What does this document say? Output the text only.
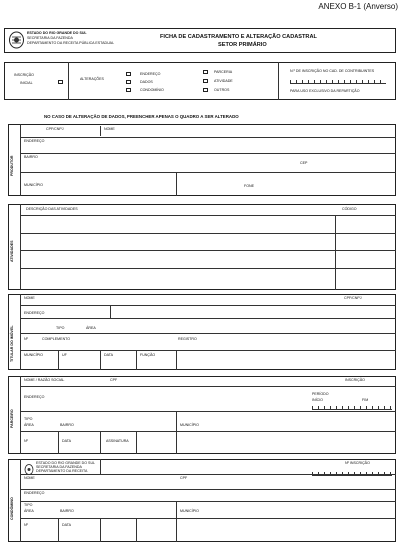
ANEXO B-1 (Anverso)
ESTADO DO RIO GRANDE DO SUL
SECRETARIA DA FAZENDA
DEPARTAMENTO DA RECEITA PÚBLICA ESTADUAL
FICHA DE CADASTRAMENTO E ALTERAÇÃO CADASTRAL
SETOR PRIMÁRIO
INSCRIÇÃO
INICIAL
ALTERAÇÕES
ENDEREÇO
DADOS
CONDOMÍNIO
PARCERIA
ATIVIDADE
OUTROS
N.º DE INSCRIÇÃO NO CAD. DE CONTRIBUINTES
PARA USO EXCLUSIVO DA REPARTIÇÃO
NO CASO DE ALTERAÇÃO DE DADOS, PREENCHER APENAS O QUADRO A SER ALTERADO
PRODUTOR
CPF/CNPJ	NOME
ENDEREÇO
BAIRRO
CEP
MUNICÍPIO	FONE
ATIVIDADES
DESCRIÇÃO DAS ATIVIDADES	CÓDIGO
TITULAR DO IMÓVEL
NOME	CPF/CNPJ
ENDEREÇO
TIPO	ÁREA
Nº	COMPLEMENTO	REGISTRO
MUNICÍPIO	UF	DATA	FUNÇÃO
PARCEIRO
NOME / RAZÃO SOCIAL	CPF	INSCRIÇÃO
ENDEREÇO
PERÍODO
INÍCIO	FIM
TIPO
ÁREA	BAIRRO	MUNICÍPIO
Nº	DATA	ASSINATURA
CONDÔMINO
ESTADO DO RIO GRANDE DO SUL
SECRETARIA DA FAZENDA
DEPARTAMENTO DA RECEITA
Nº INSCRIÇÃO
NOME	CPF
ENDEREÇO
TIPO
ÁREA	BAIRRO	MUNICÍPIO
Nº	DATA
